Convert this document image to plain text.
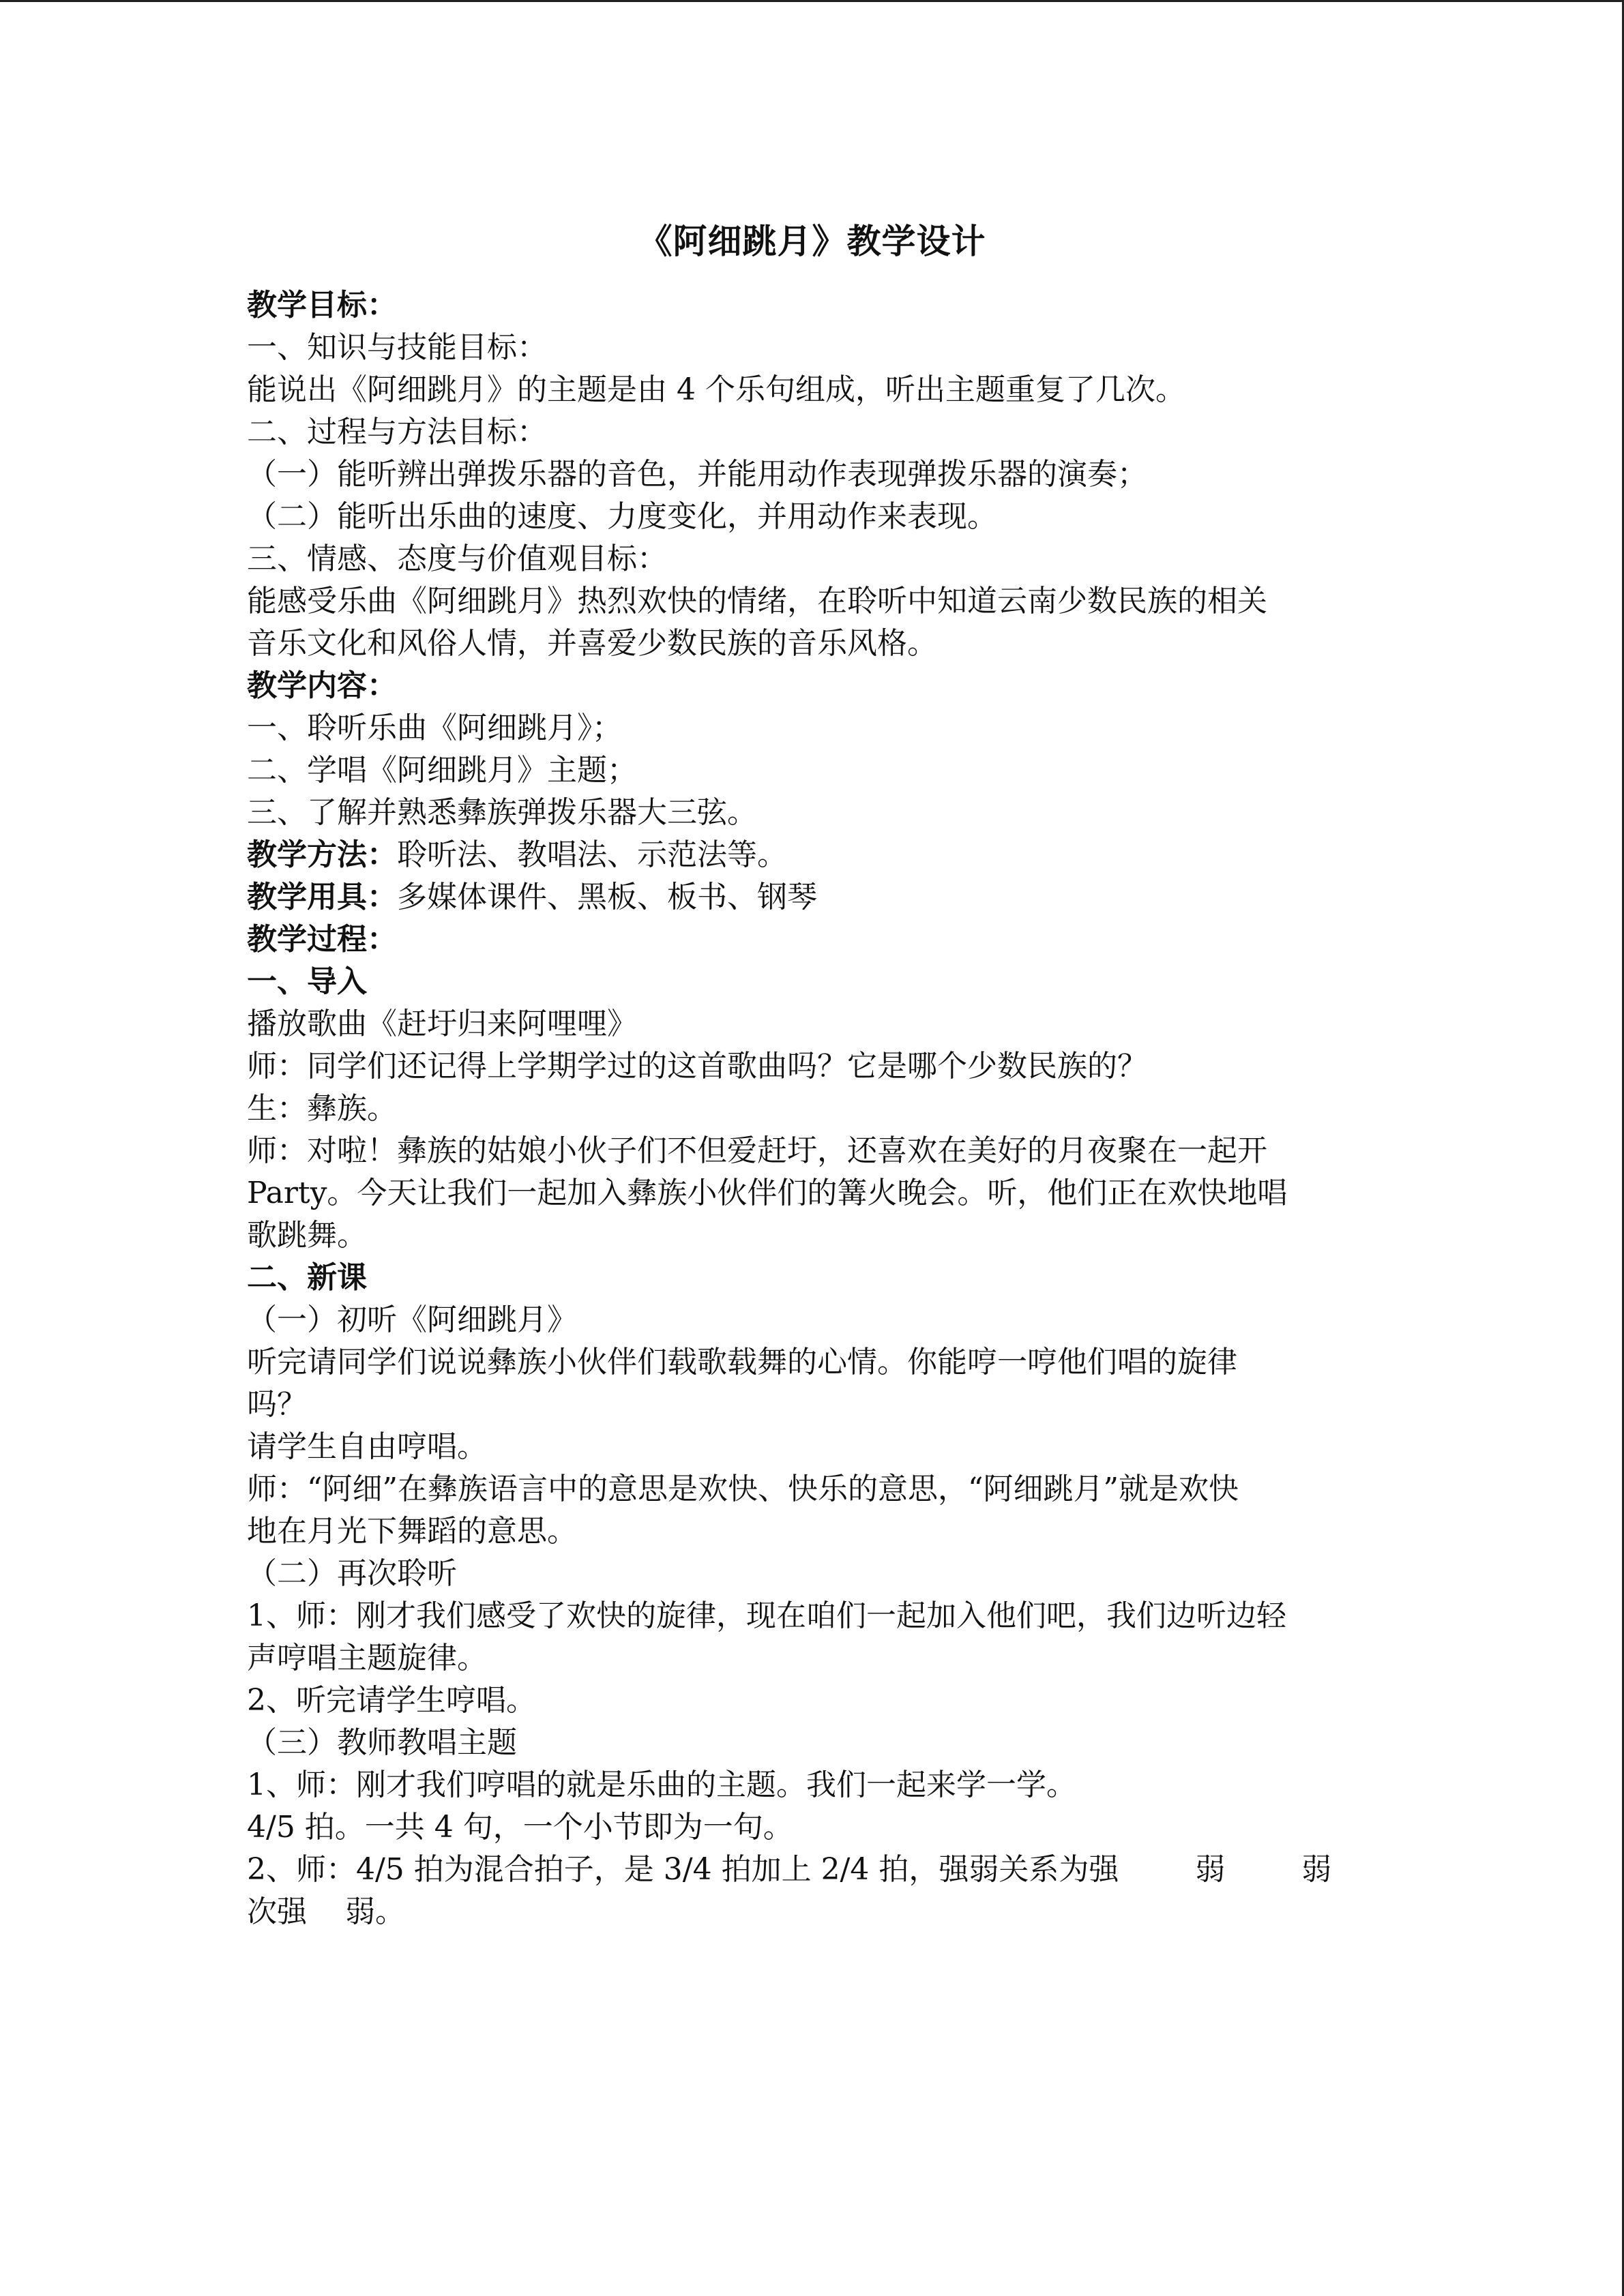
《阿细跳月》教学设计
教学目标：
一、知识与技能目标：
能说出《阿细跳月》的主题是由 4 个乐句组成，听出主题重复了几次。
二、过程与方法目标：
（一）能听辨出弹拨乐器的音色，并能用动作表现弹拨乐器的演奏；
（二）能听出乐曲的速度、力度变化，并用动作来表现。
三、情感、态度与价值观目标：
能感受乐曲《阿细跳月》热烈欢快的情绪，在聆听中知道云南少数民族的相关
音乐文化和风俗人情，并喜爱少数民族的音乐风格。
教学内容：
一、聆听乐曲《阿细跳月》；
二、学唱《阿细跳月》主题；
三、了解并熟悉彝族弹拨乐器大三弦。
教学方法：聆听法、教唱法、示范法等。
教学用具：多媒体课件、黑板、板书、钢琴
教学过程：
一、导入
播放歌曲《赶圩归来阿哩哩》
师：同学们还记得上学期学过的这首歌曲吗？它是哪个少数民族的？
生：彝族。
师：对啦！彝族的姑娘小伙子们不但爱赶圩，还喜欢在美好的月夜聚在一起开
Party。今天让我们一起加入彝族小伙伴们的篝火晚会。听，他们正在欢快地唱
歌跳舞。
二、新课
（一）初听《阿细跳月》
听完请同学们说说彝族小伙伴们载歌载舞的心情。你能哼一哼他们唱的旋律
吗？
请学生自由哼唱。
师：“阿细”在彝族语言中的意思是欢快、快乐的意思，“阿细跳月”就是欢快
地在月光下舞蹈的意思。
（二）再次聆听
1、师：刚才我们感受了欢快的旋律，现在咱们一起加入他们吧，我们边听边轻
声哼唱主题旋律。
2、听完请学生哼唱。
（三）教师教唱主题
1、师：刚才我们哼唱的就是乐曲的主题。我们一起来学一学。
4/5 拍。一共 4 句，一个小节即为一句。
2、师：4/5 拍为混合拍子，是 3/4 拍加上 2/4 拍，强弱关系为强        弱        弱
次强    弱。
